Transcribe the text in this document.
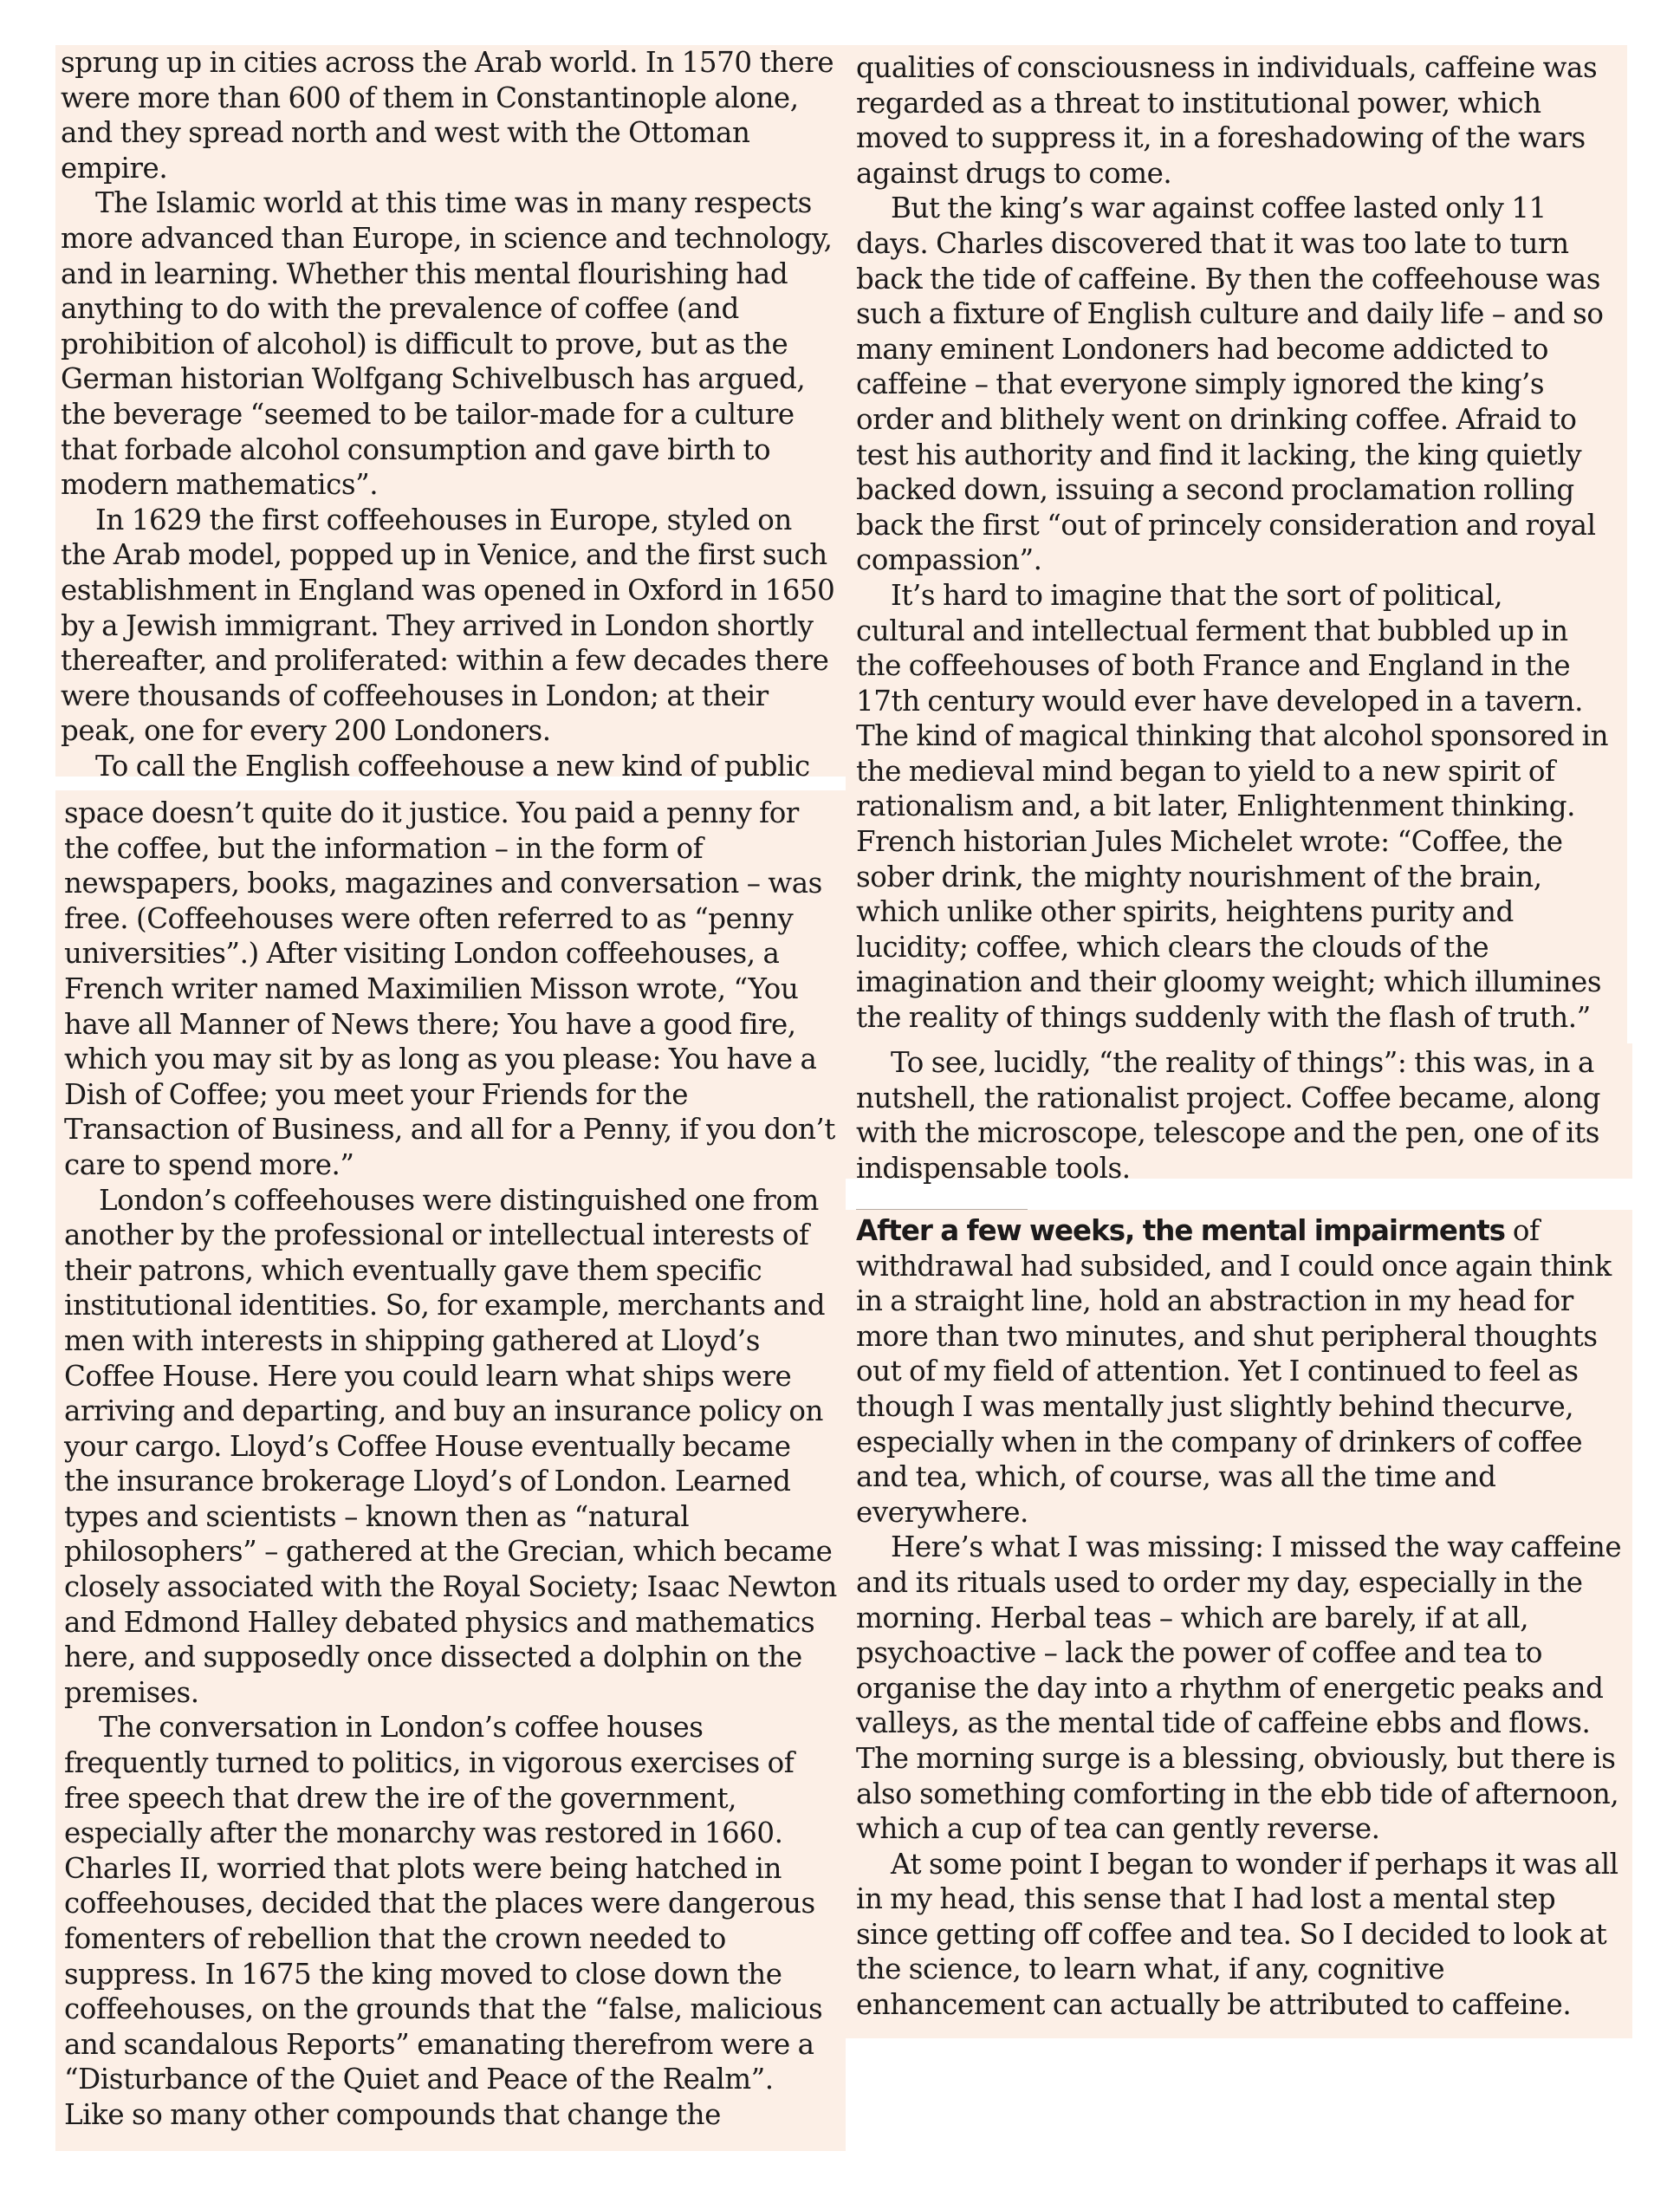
sprung up in cities across the Arab world. In 1570 there were more than 600 of them in Constantinople alone, and they spread north and west with the Ottoman empire.

The Islamic world at this time was in many respects more advanced than Europe, in science and technology, and in learning. Whether this mental flourishing had anything to do with the prevalence of coffee (and prohibition of alcohol) is difficult to prove, but as the German historian Wolfgang Schivelbusch has argued, the beverage “seemed to be tailor-made for a culture that forbade alcohol consumption and gave birth to modern mathematics”.

In 1629 the first coffeehouses in Europe, styled on the Arab model, popped up in Venice, and the first such establishment in England was opened in Oxford in 1650 by a Jewish immigrant. They arrived in London shortly thereafter, and proliferated: within a few decades there were thousands of coffeehouses in London; at their peak, one for every 200 Londoners.

To call the English coffeehouse a new kind of public

space doesn’t quite do it justice. You paid a penny for the coffee, but the information – in the form of newspapers, books, magazines and conversation – was free. (Coffeehouses were often referred to as “penny universities”.) After visiting London coffeehouses, a French writer named Maximilien Misson wrote, “You have all Manner of News there; You have a good fire, which you may sit by as long as you please: You have a Dish of Coffee; you meet your Friends for the Transaction of Business, and all for a Penny, if you don’t care to spend more.”

London’s coffeehouses were distinguished one from another by the professional or intellectual interests of their patrons, which eventually gave them specific institutional identities. So, for example, merchants and men with interests in shipping gathered at Lloyd’s Coffee House. Here you could learn what ships were arriving and departing, and buy an insurance policy on your cargo. Lloyd’s Coffee House eventually became the insurance brokerage Lloyd’s of London. Learned types and scientists – known then as “natural philosophers” – gathered at the Grecian, which became closely associated with the Royal Society; Isaac Newton and Edmond Halley debated physics and mathematics here, and supposedly once dissected a dolphin on the premises.

The conversation in London’s coffee houses frequently turned to politics, in vigorous exercises of free speech that drew the ire of the government, especially after the monarchy was restored in 1660. Charles II, worried that plots were being hatched in coffeehouses, decided that the places were dangerous fomenters of rebellion that the crown needed to suppress. In 1675 the king moved to close down the coffeehouses, on the grounds that the “false, malicious and scandalous Reports” emanating therefrom were a “Disturbance of the Quiet and Peace of the Realm”. Like so many other compounds that change the

qualities of consciousness in individuals, caffeine was regarded as a threat to institutional power, which moved to suppress it, in a foreshadowing of the wars against drugs to come.

But the king’s war against coffee lasted only 11 days. Charles discovered that it was too late to turn back the tide of caffeine. By then the coffeehouse was such a fixture of English culture and daily life – and so many eminent Londoners had become addicted to caffeine – that everyone simply ignored the king’s order and blithely went on drinking coffee. Afraid to test his authority and find it lacking, the king quietly backed down, issuing a second proclamation rolling back the first “out of princely consideration and royal compassion”.

It’s hard to imagine that the sort of political, cultural and intellectual ferment that bubbled up in the coffeehouses of both France and England in the 17th century would ever have developed in a tavern. The kind of magical thinking that alcohol sponsored in the medieval mind began to yield to a new spirit of rationalism and, a bit later, Enlightenment thinking. French historian Jules Michelet wrote: “Coffee, the sober drink, the mighty nourishment of the brain, which unlike other spirits, heightens purity and lucidity; coffee, which clears the clouds of the imagination and their gloomy weight; which illumines the reality of things suddenly with the flash of truth.”

To see, lucidly, “the reality of things”: this was, in a nutshell, the rationalist project. Coffee became, along with the microscope, telescope and the pen, one of its indispensable tools.

After a few weeks, the mental impairments of withdrawal had subsided, and I could once again think in a straight line, hold an abstraction in my head for more than two minutes, and shut peripheral thoughts out of my field of attention. Yet I continued to feel as though I was mentally just slightly behind thecurve, especially when in the company of drinkers of coffee and tea, which, of course, was all the time and everywhere.

Here’s what I was missing: I missed the way caffeine and its rituals used to order my day, especially in the morning. Herbal teas – which are barely, if at all, psychoactive – lack the power of coffee and tea to organise the day into a rhythm of energetic peaks and valleys, as the mental tide of caffeine ebbs and flows. The morning surge is a blessing, obviously, but there is also something comforting in the ebb tide of afternoon, which a cup of tea can gently reverse.

At some point I began to wonder if perhaps it was all in my head, this sense that I had lost a mental step since getting off coffee and tea. So I decided to look at the science, to learn what, if any, cognitive enhancement can actually be attributed to caffeine.
